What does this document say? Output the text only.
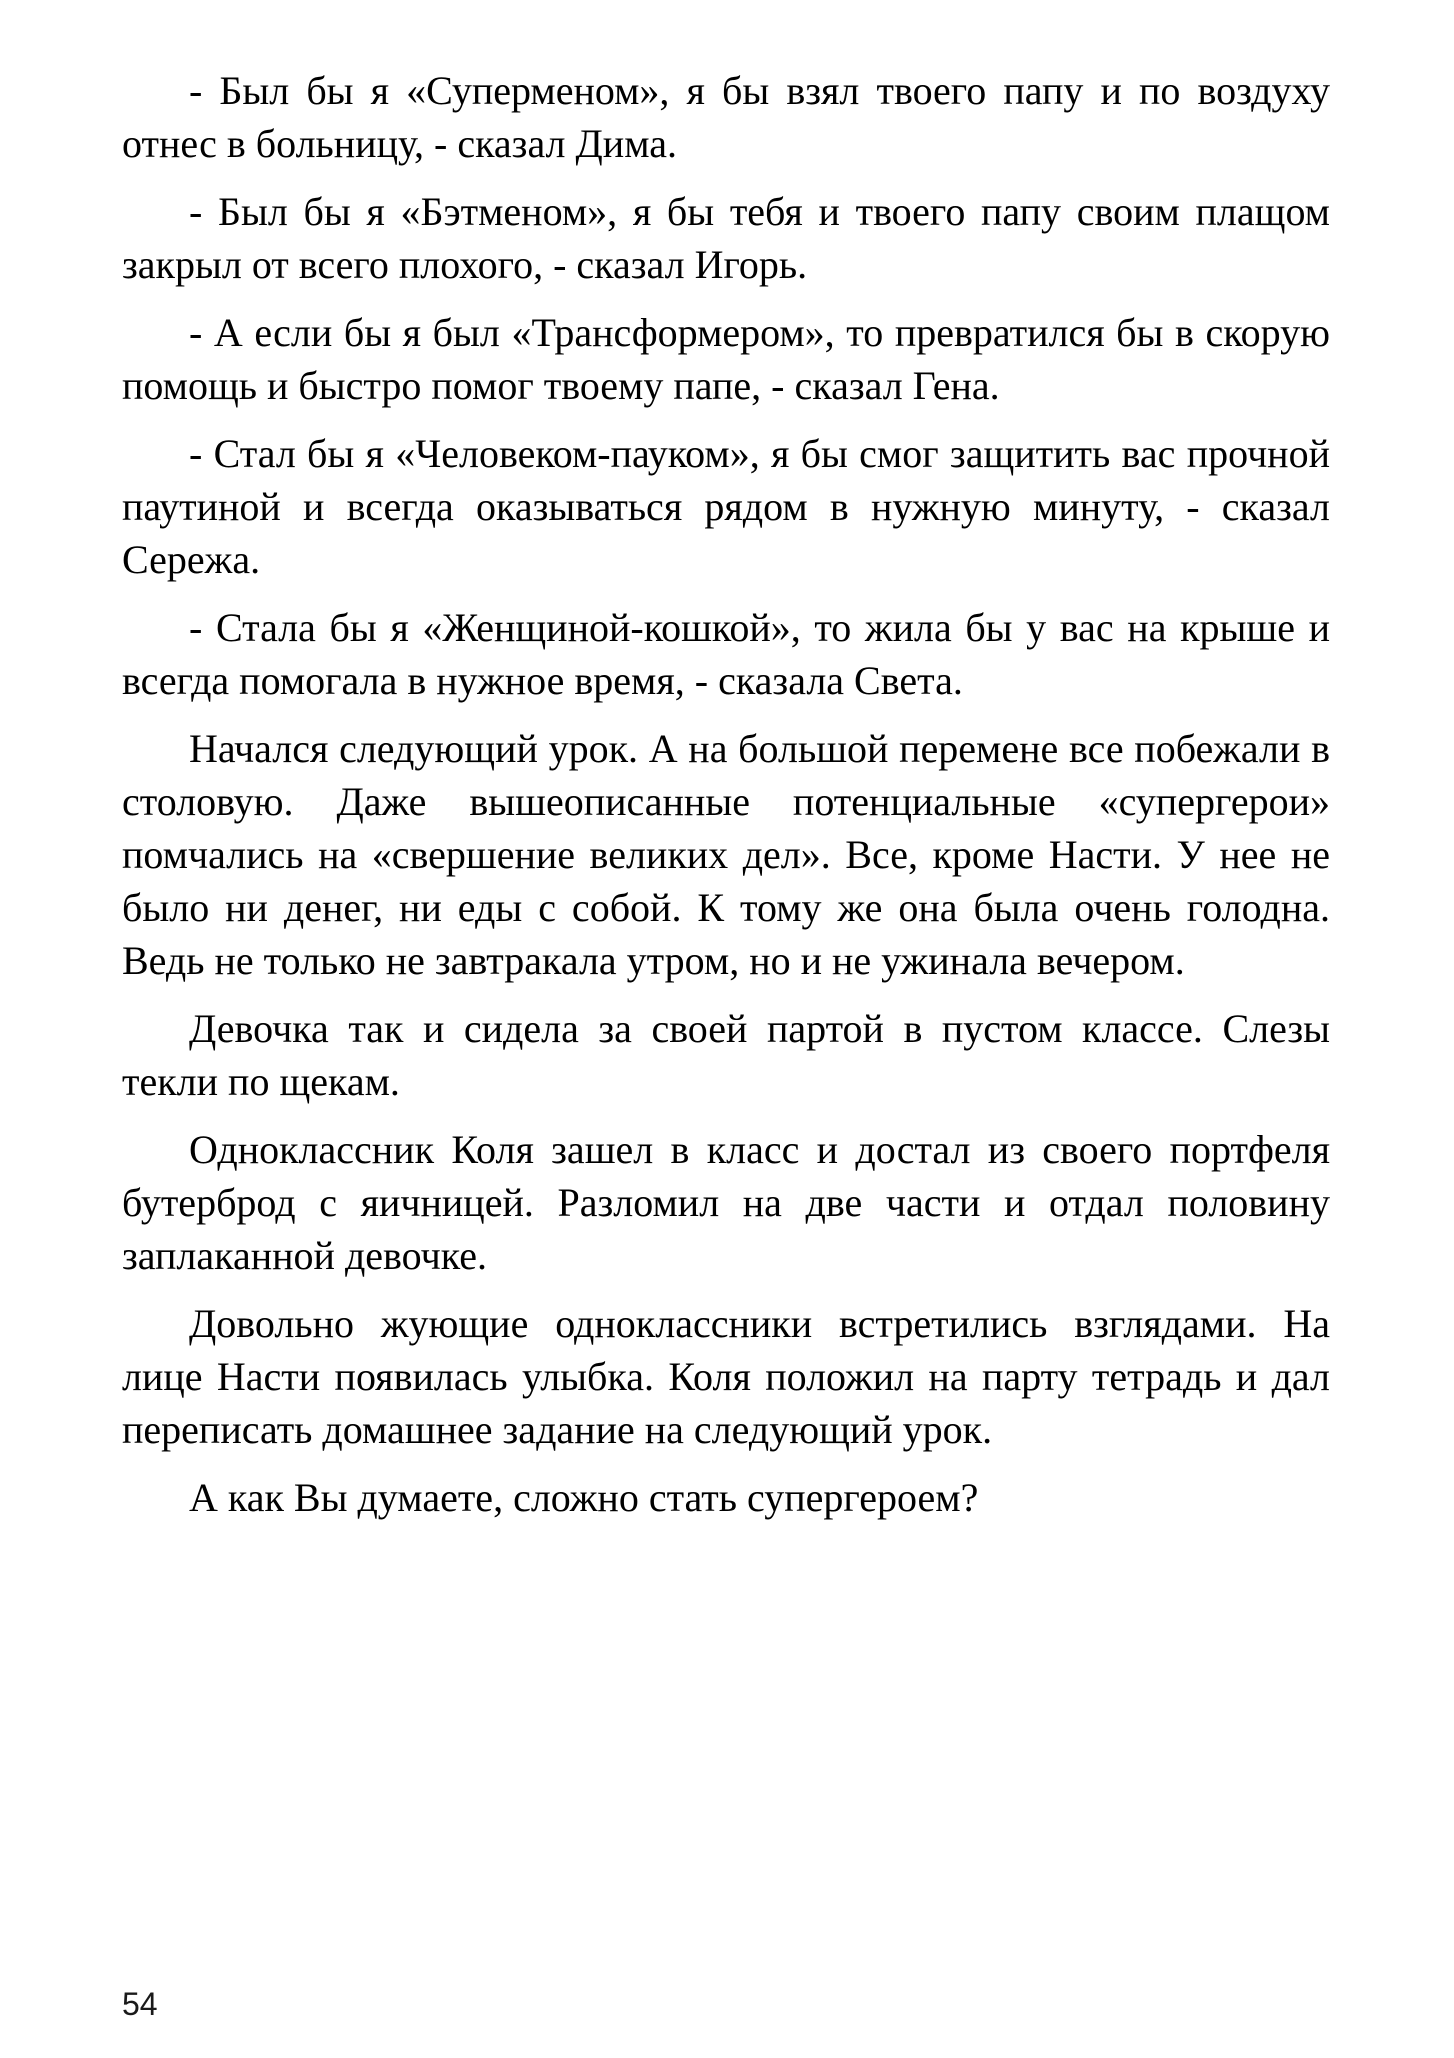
- Был бы я «Суперменом», я бы взял твоего папу и по воздуху отнес в больницу, - сказал Дима.

- Был бы я «Бэтменом», я бы тебя и твоего папу своим плащом закрыл от всего плохого, - сказал Игорь.

- А если бы я был «Трансформером», то превратился бы в скорую помощь и быстро помог твоему папе, - сказал Гена.

- Стал бы я «Человеком-пауком», я бы смог защитить вас прочной паутиной и всегда оказываться рядом в нужную минуту, - сказал Сережа.

- Стала бы я «Женщиной-кошкой», то жила бы у вас на крыше и всегда помогала в нужное время, - сказала Света.

Начался следующий урок. А на большой перемене все побежали в столовую. Даже вышеописанные потенциальные «супергерои» помчались на «свершение великих дел». Все, кроме Насти. У нее не было ни денег, ни еды с собой. К тому же она была очень голодна. Ведь не только не завтракала утром, но и не ужинала вечером.

Девочка так и сидела за своей партой в пустом классе. Слезы текли по щекам.

Одноклассник Коля зашел в класс и достал из своего портфеля бутерброд с яичницей. Разломил на две части и отдал половину заплаканной девочке.

Довольно жующие одноклассники встретились взглядами. На лице Насти появилась улыбка. Коля положил на парту тетрадь и дал переписать домашнее задание на следующий урок.

А как Вы думаете, сложно стать супергероем?

54
